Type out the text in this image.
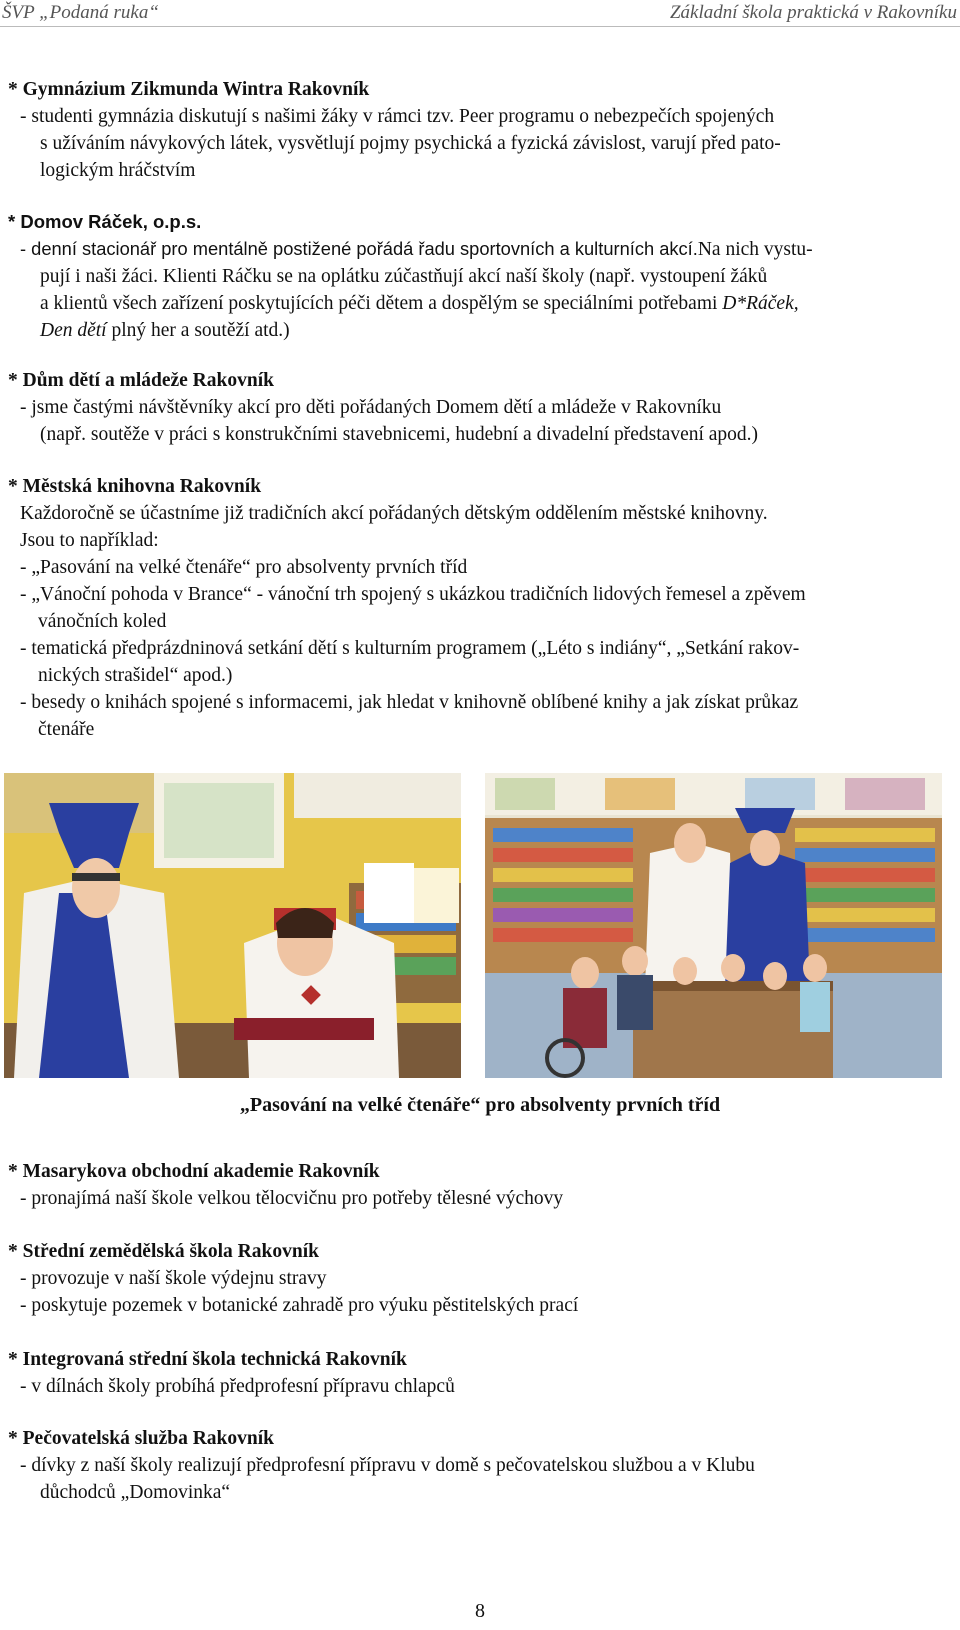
ŠVP „Podaná ruka“	Základní škola praktická v Rakovníku

* Gymnázium Zikmunda Wintra Rakovník

- studenti gymnázia diskutují s našimi žáky v rámci tzv. Peer programu o nebezpečích spojených

s užíváním návykových látek, vysvětlují pojmy psychická a fyzická závislost, varují před pato-

logickým hráčstvím

* Domov Ráček, o.p.s.

- denní stacionář pro mentálně postižené pořádá řadu sportovních a kulturních akcí.Na nich vystu-

pují i naši žáci. Klienti Ráčku se na oplátku zúčastňují akcí naší školy (např. vystoupení žáků

a klientů všech zařízení poskytujících péči dětem a dospělým se speciálními potřebami D*Ráček,

Den dětí plný her a soutěží atd.)

* Dům dětí a mládeže Rakovník

- jsme častými návštěvníky akcí pro děti pořádaných Domem dětí a mládeže v Rakovníku

(např. soutěže v práci s konstrukčními stavebnicemi, hudební a divadelní představení apod.)

* Městská knihovna Rakovník

Každoročně se účastníme již tradičních akcí pořádaných dětským oddělením městské knihovny.

Jsou to například:

- „Pasování na velké čtenáře“ pro absolventy prvních tříd

- „Vánoční pohoda v Brance“ - vánoční trh spojený s ukázkou tradičních lidových řemesel a zpěvem

vánočních koled

- tematická předprázdninová setkání dětí s kulturním programem („Léto s indiány“, „Setkání rakov-

nických strašidel“ apod.)

- besedy o knihách spojené s informacemi, jak hledat v knihovně oblíbené knihy a jak získat průkaz

čtenáře

„Pasování na velké čtenáře“ pro absolventy prvních tříd

* Masarykova obchodní akademie Rakovník

- pronajímá naší škole velkou tělocvičnu pro potřeby tělesné výchovy

* Střední zemědělská škola Rakovník

- provozuje v naší škole výdejnu stravy

- poskytuje pozemek v botanické zahradě pro výuku pěstitelských prací

* Integrovaná střední škola technická Rakovník

- v dílnách školy probíhá předprofesní přípravu chlapců

* Pečovatelská služba Rakovník

- dívky z naší školy realizují předprofesní přípravu v domě s pečovatelskou službou a v Klubu

důchodců „Domovinka“

8
